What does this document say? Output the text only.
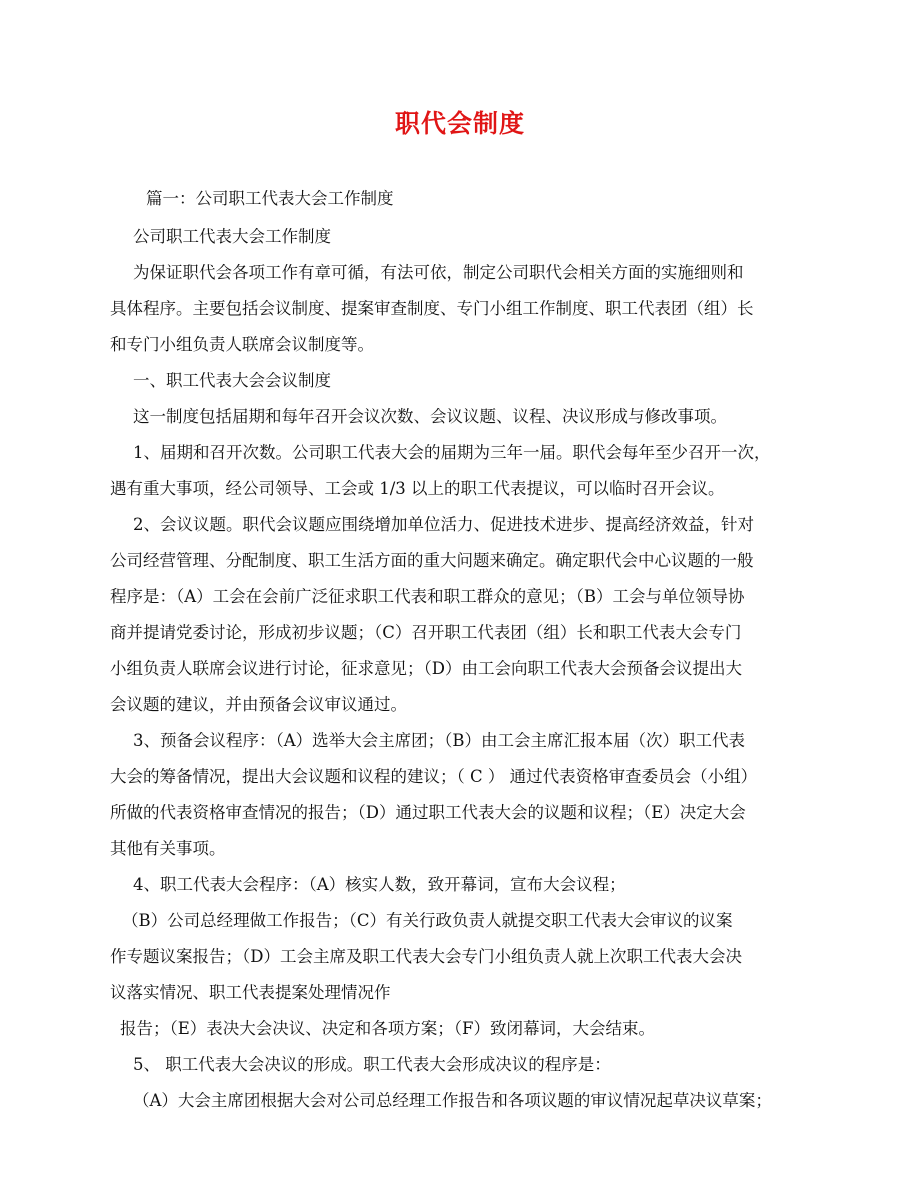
职代会制度
篇一：公司职工代表大会工作制度
公司职工代表大会工作制度
为保证职代会各项工作有章可循，有法可依，制定公司职代会相关方面的实施细则和
具体程序。主要包括会议制度、提案审查制度、专门小组工作制度、职工代表团（组）长
和专门小组负责人联席会议制度等。
一、职工代表大会会议制度
这一制度包括届期和每年召开会议次数、会议议题、议程、决议形成与修改事项。
1、届期和召开次数。公司职工代表大会的届期为三年一届。职代会每年至少召开一次，
遇有重大事项，经公司领导、工会或 1/3 以上的职工代表提议，可以临时召开会议。
2、会议议题。职代会议题应围绕增加单位活力、促进技术进步、提高经济效益，针对
公司经营管理、分配制度、职工生活方面的重大问题来确定。确定职代会中心议题的一般
程序是：（A）工会在会前广泛征求职工代表和职工群众的意见；（B）工会与单位领导协
商并提请党委讨论，形成初步议题；（C）召开职工代表团（组）长和职工代表大会专门
小组负责人联席会议进行讨论，征求意见；（D）由工会向职工代表大会预备会议提出大
会议题的建议，并由预备会议审议通过。
3、预备会议程序：（A）选举大会主席团；（B）由工会主席汇报本届（次）职工代表
大会的筹备情况，提出大会议题和议程的建议；（ C ） 通过代表资格审查委员会（小组）
所做的代表资格审查情况的报告；（D）通过职工代表大会的议题和议程；（E）决定大会
其他有关事项。
4、职工代表大会程序：（A）核实人数，致开幕词，宣布大会议程；
（B）公司总经理做工作报告；（C）有关行政负责人就提交职工代表大会审议的议案
作专题议案报告；（D）工会主席及职工代表大会专门小组负责人就上次职工代表大会决
议落实情况、职工代表提案处理情况作
报告；（E）表决大会决议、决定和各项方案；（F）致闭幕词，大会结束。
5、 职工代表大会决议的形成。职工代表大会形成决议的程序是：
（A）大会主席团根据大会对公司总经理工作报告和各项议题的审议情况起草决议草案；
